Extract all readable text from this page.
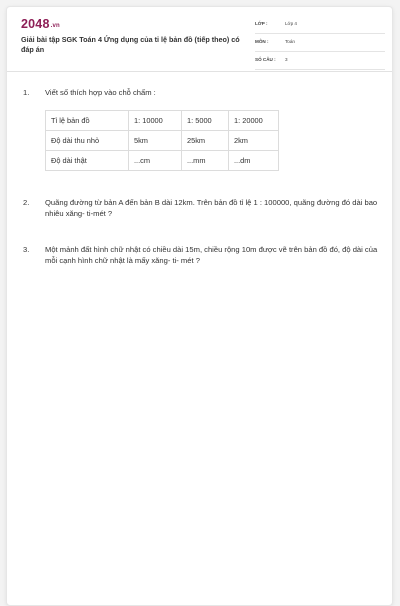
2048.vn
Giải bài tập SGK Toán 4 Ứng dụng của tỉ lệ bản đồ (tiếp theo) có đáp án
LỚP :	Lớp 4
MÔN :	Toán
SỐ CÂU : 3
1. Viết số thích hợp vào chỗ chấm :
Tỉ lệ bản đồ	1: 10000	1: 5000	1: 20000
Độ dài thu nhỏ	5km	25km	2km
Độ dài thật	...cm	...mm	...dm
2. Quãng đường từ bản A đến bản B dài 12km. Trên bản đồ tỉ lệ 1 : 100000, quãng đường đó dài bao nhiêu xăng- ti-mét ?
3. Một mảnh đất hình chữ nhật có chiều dài 15m, chiều rộng 10m được vẽ trên bản đồ đó, độ dài của mỗi cạnh hình chữ nhật là mấy xăng- ti- mét ?
